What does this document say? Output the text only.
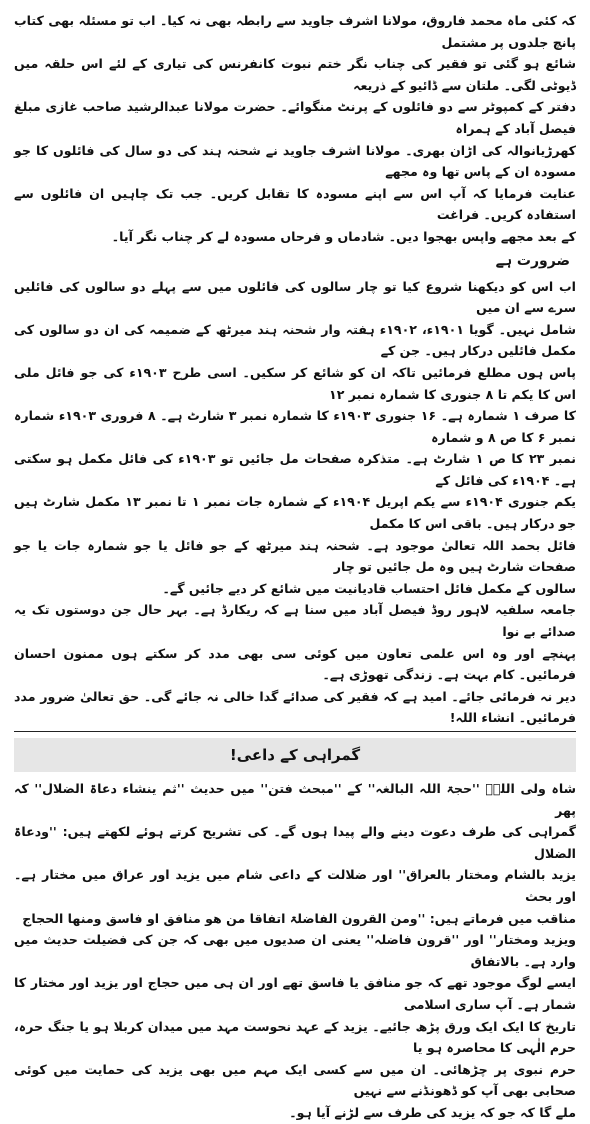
کہ کئی ماہ محمد فاروق، مولانا اشرف جاوید سے رابطہ بھی نہ کیا۔ اب تو مسئلہ بھی کتاب پانچ جلدوں پر مشتمل
شائع ہو گئی تو فقیر کی چناب نگر ختم نبوت کانفرنس کی تیاری کے لئے اس حلقہ میں ڈیوٹی لگی۔ ملتان سے ڈائیو کے ذریعہ
دفتر کے کمپوٹر سے دو فائلوں کے پرنٹ منگوائے۔ حضرت مولانا عبدالرشید صاحب غازی مبلغ فیصل آباد کے ہمراہ
کھرڑیانوالہ کی اڑان بھری۔ مولانا اشرف جاوید نے شحنہ ہند کی دو سال کی فائلوں کا جو مسودہ ان کے پاس تھا وہ مجھے
عنایت فرمایا کہ آپ اس سے اپنے مسودہ کا تقابل کریں۔ جب تک چاہیں ان فائلوں سے استفادہ کریں۔ فراغت
کے بعد مجھے واپس بھجوا دیں۔ شادماں و فرحاں مسودہ لے کر چناب نگر آیا۔

ضرورت ہے

اب اس کو دیکھنا شروع کیا تو چار سالوں کی فائلوں میں سے پہلے دو سالوں کی فائلیں سرے سے ان میں
شامل نہیں۔ گویا ۱۹۰۱ء، ۱۹۰۲ء ہفتہ وار شحنہ ہند میرٹھ کے ضمیمہ کی ان دو سالوں کی مکمل فائلیں درکار ہیں۔ جن کے
پاس ہوں مطلع فرمائیں تاکہ ان کو شائع کر سکیں۔ اسی طرح ۱۹۰۳ء کی جو فائل ملی اس کا یکم تا ۸ جنوری کا شمارہ نمبر ۱۲
کا صرف ۱ شمارہ ہے۔ ۱۶ جنوری ۱۹۰۳ء کا شمارہ نمبر ۳ شارٹ ہے۔ ۸ فروری ۱۹۰۳ء شمارہ نمبر ۶ کا ص ۸ و شمارہ
نمبر ۲۳ کا ص ۱ شارٹ ہے۔ متذکرہ صفحات مل جائیں تو ۱۹۰۳ء کی فائل مکمل ہو سکتی ہے۔ ۱۹۰۴ء کی فائل کے
یکم جنوری ۱۹۰۴ء سے یکم اپریل ۱۹۰۴ء کے شمارہ جات نمبر ۱ تا نمبر ۱۳ مکمل شارٹ ہیں جو درکار ہیں۔ باقی اس کا مکمل
فائل بحمد اللہ تعالیٰ موجود ہے۔ شحنہ ہند میرٹھ کے جو فائل یا جو شمارہ جات یا جو صفحات شارٹ ہیں وہ مل جائیں تو چار
سالوں کے مکمل فائل احتساب قادیانیت میں شائع کر دیے جائیں گے۔

جامعہ سلفیہ لاہور روڈ فیصل آباد میں سنا ہے کہ ریکارڈ ہے۔ بہر حال جن دوستوں تک یہ صدائے بے نوا
پہنچے اور وہ اس علمی تعاون میں کوئی سی بھی مدد کر سکتے ہوں ممنون احسان فرمائیں۔ کام بہت ہے۔ زندگی تھوڑی ہے۔
دیر نہ فرمائی جائے۔ امید ہے کہ فقیر کی صدائے گدا خالی نہ جائے گی۔ حق تعالیٰ ضرور مدد فرمائیں۔ انشاء اللہ!

گمراہی کے داعی!

شاہ ولی اللہؒ ''حجۃ اللہ البالغہ'' کے ''مبحث فتن'' میں حدیث ''ثم ینشاء دعاۃ الضلال'' کہ پھر
گمراہی کی طرف دعوت دینے والے پیدا ہوں گے۔ کی تشریح کرتے ہوئے لکھتے ہیں: ''ودعاۃ الضلال
یزید بالشام ومختار بالعراق'' اور ضلالت کے داعی شام میں یزید اور عراق میں مختار ہے۔ اور بحث
مناقب میں فرماتے ہیں: ''ومن القرون الفاضلۃ اتفاقا من ھو منافق او فاسق ومنھا الحجاج
ویزید ومختار'' اور ''قرون فاضلہ'' یعنی ان صدیوں میں بھی کہ جن کی فضیلت حدیث میں وارد ہے۔ بالاتفاق
ایسے لوگ موجود تھے کہ جو منافق یا فاسق تھے اور ان ہی میں حجاج اور یزید اور مختار کا شمار ہے۔ آپ ساری اسلامی
تاریخ کا ایک ایک ورق پڑھ جائیے۔ یزید کے عہد نحوست مہد میں میدان کربلا ہو یا جنگ حرہ، حرم الٰہی کا محاصرہ ہو یا
حرم نبوی پر چڑھائی۔ ان میں سے کسی ایک مہم میں بھی یزید کی حمایت میں کوئی صحابی بھی آپ کو ڈھونڈنے سے نہیں
ملے گا کہ جو کہ یزید کی طرف سے لڑنے آیا ہو۔
